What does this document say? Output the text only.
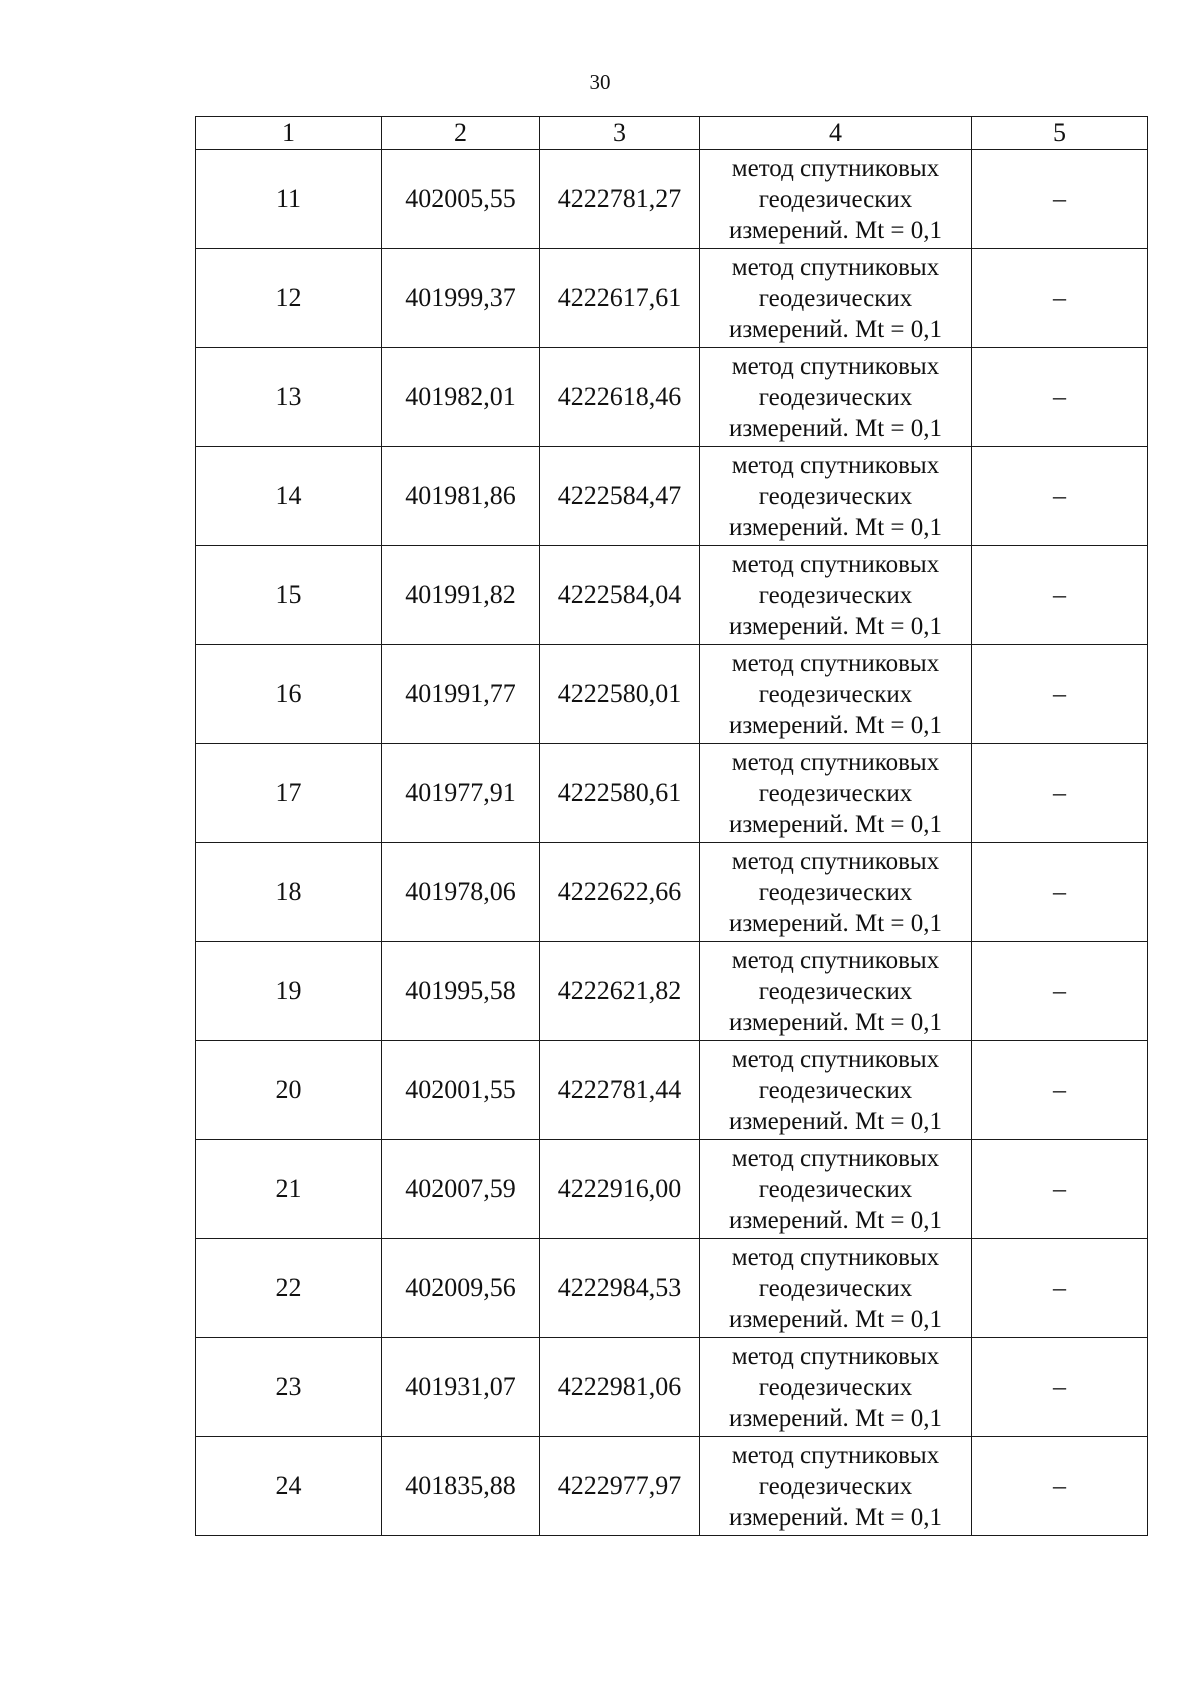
30
1	2	3	4	5
11	402005,55	4222781,27	метод спутниковых
геодезических
измерений. Mt = 0,1	–
12	401999,37	4222617,61	метод спутниковых
геодезических
измерений. Mt = 0,1	–
13	401982,01	4222618,46	метод спутниковых
геодезических
измерений. Mt = 0,1	–
14	401981,86	4222584,47	метод спутниковых
геодезических
измерений. Mt = 0,1	–
15	401991,82	4222584,04	метод спутниковых
геодезических
измерений. Mt = 0,1	–
16	401991,77	4222580,01	метод спутниковых
геодезических
измерений. Mt = 0,1	–
17	401977,91	4222580,61	метод спутниковых
геодезических
измерений. Mt = 0,1	–
18	401978,06	4222622,66	метод спутниковых
геодезических
измерений. Mt = 0,1	–
19	401995,58	4222621,82	метод спутниковых
геодезических
измерений. Mt = 0,1	–
20	402001,55	4222781,44	метод спутниковых
геодезических
измерений. Mt = 0,1	–
21	402007,59	4222916,00	метод спутниковых
геодезических
измерений. Mt = 0,1	–
22	402009,56	4222984,53	метод спутниковых
геодезических
измерений. Mt = 0,1	–
23	401931,07	4222981,06	метод спутниковых
геодезических
измерений. Mt = 0,1	–
24	401835,88	4222977,97	метод спутниковых
геодезических
измерений. Mt = 0,1	–
